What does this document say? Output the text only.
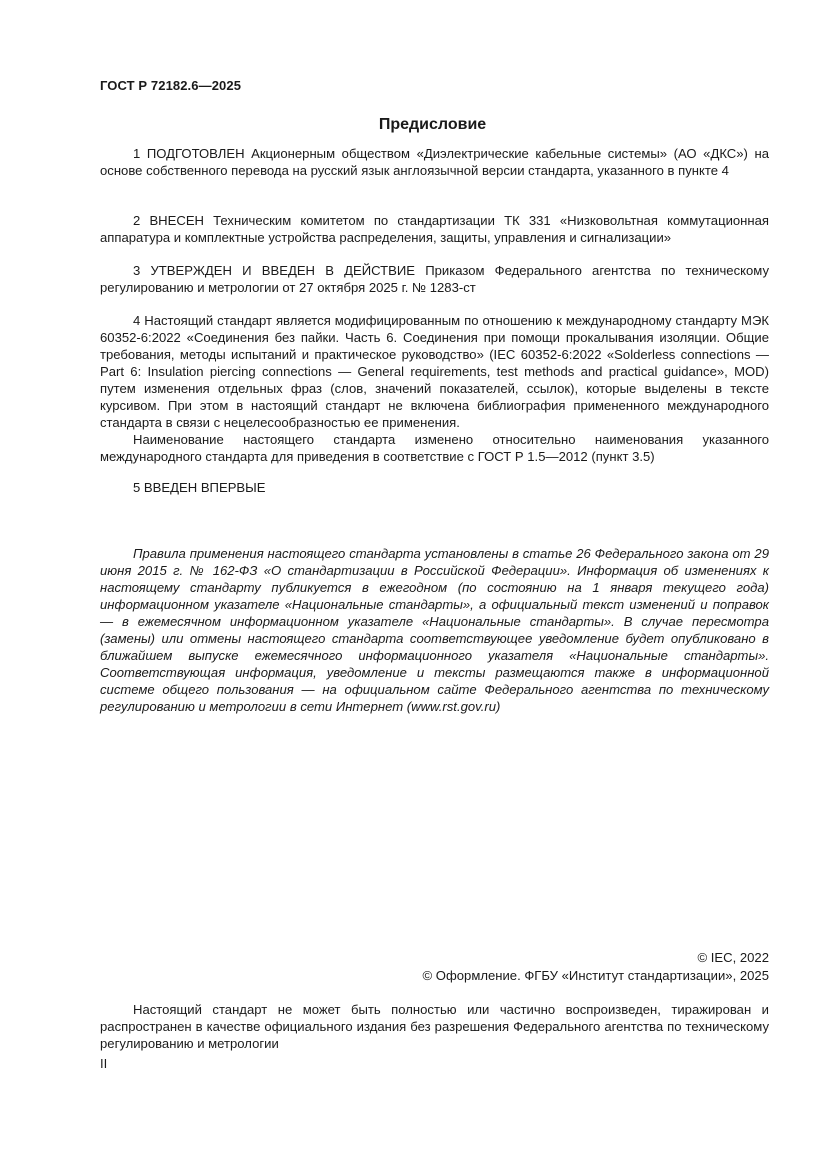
ГОСТ Р 72182.6—2025
Предисловие

1 ПОДГОТОВЛЕН Акционерным обществом «Диэлектрические кабельные системы» (АО «ДКС») на основе собственного перевода на русский язык англоязычной версии стандарта, указанного в пункте 4

2 ВНЕСЕН Техническим комитетом по стандартизации ТК 331 «Низковольтная коммутационная аппаратура и комплектные устройства распределения, защиты, управления и сигнализации»

3 УТВЕРЖДЕН И ВВЕДЕН В ДЕЙСТВИЕ Приказом Федерального агентства по техническому регулированию и метрологии от 27 октября 2025 г. № 1283-ст

4 Настоящий стандарт является модифицированным по отношению к международному стандарту МЭК 60352-6:2022 «Соединения без пайки. Часть 6. Соединения при помощи прокалывания изоляции. Общие требования, методы испытаний и практическое руководство» (IEC 60352-6:2022 «Solderless connections — Part 6: Insulation piercing connections — General requirements, test methods and practical guidance», MOD) путем изменения отдельных фраз (слов, значений показателей, ссылок), которые выделены в тексте курсивом. При этом в настоящий стандарт не включена библиография примененного международного стандарта в связи с нецелесообразностью ее применения.

Наименование настоящего стандарта изменено относительно наименования указанного международного стандарта для приведения в соответствие с ГОСТ Р 1.5—2012 (пункт 3.5)

5 ВВЕДЕН ВПЕРВЫЕ

Правила применения настоящего стандарта установлены в статье 26 Федерального закона от 29 июня 2015 г. № 162-ФЗ «О стандартизации в Российской Федерации». Информация об изменениях к настоящему стандарту публикуется в ежегодном (по состоянию на 1 января текущего года) информационном указателе «Национальные стандарты», а официальный текст изменений и поправок — в ежемесячном информационном указателе «Национальные стандарты». В случае пересмотра (замены) или отмены настоящего стандарта соответствующее уведомление будет опубликовано в ближайшем выпуске ежемесячного информационного указателя «Национальные стандарты». Соответствующая информация, уведомление и тексты размещаются также в информационной системе общего пользования — на официальном сайте Федерального агентства по техническому регулированию и метрологии в сети Интернет (www.rst.gov.ru)

© IEC, 2022
© Оформление. ФГБУ «Институт стандартизации», 2025

Настоящий стандарт не может быть полностью или частично воспроизведен, тиражирован и распространен в качестве официального издания без разрешения Федерального агентства по техническому регулированию и метрологии

II
